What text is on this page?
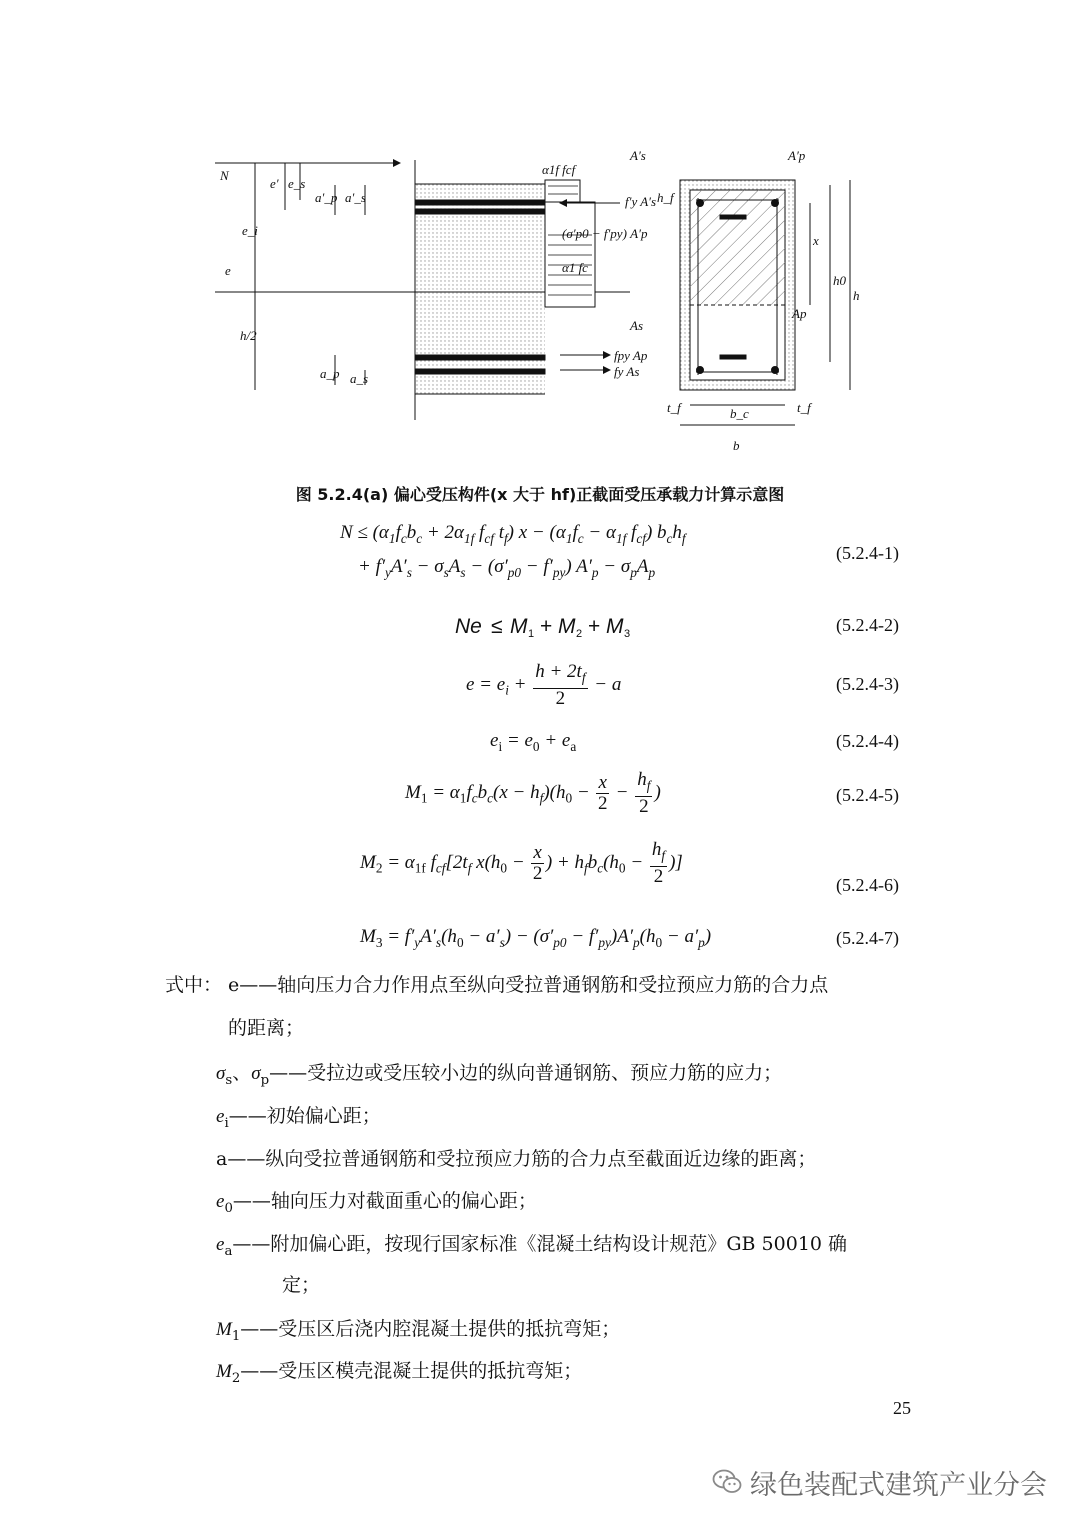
N
e′ e_s
e_i
e
h/2
a′_p a′_s
a_p a_s
α1f fcf
f′y A′s
(σ′p0 − f′py) A′p
α1 fc
fpy Ap
fy As
A′s	A′p
h_f
x
h0
h
As
Ap
t_f	b_c	t_f
b
图 5.2.4(a) 偏心受压构件(x 大于 hf)正截面受压承载力计算示意图
$N \le (\alpha_1f_cb_c + 2\alpha_{1f}$ $f_{cf}$ $t_f$) $x - (\alpha_1f_c - \alpha_{1f}$ $f_{cf}$) $b_ch_f$
+ $f'_yA'_s - \sigma_sA_s - (\sigma'_{p0} - f'_{py}) A'_p - \sigma_pA_p$
(5.2.4-1)
Ne ≤ M 1 + M 2 + M 3	(5.2.4-2)
$e = e_i + \frac{h + 2t_f}{2} - a$	(5.2.4-3)
$e_i = e_0 + e_a$	(5.2.4-4)
$M_1 = \alpha_1f_cb_c(x - h_f)(h_0 - \frac{x}{2} - \frac{h_f}{2}$ )	(5.2.4-5)
$M_2 = \alpha_{1f}$ $f_{cf}[2t_f$ $x(h_0 - \frac{x}{2}$ ) + $h_fb_c(h_0 - \frac{h_f}{2}$ )]
(5.2.4-6)
$M_3 = f'_yA'_s(h_0 - a'_s) - (\sigma'_{p0} - f'_{py})A'_p(h_0 - a'_p)$	(5.2.4-7)
式中： e——轴向压力合力作用点至纵向受拉普通钢筋和受拉预应力筋的合力点
的距离；
$\sigma_s$、$\sigma_p——$受拉边或受压较小边的纵向普通钢筋、预应力筋的应力；
$e_i——$初始偏心距；
a——纵向受拉普通钢筋和受拉预应力筋的合力点至截面近边缘的距离；
$e_0——$轴向压力对截面重心的偏心距；
$e_a——$附加偏心距，按现行国家标准《混凝土结构设计规范》GB 50010 确
定；
$M_1——$受压区后浇内腔混凝土提供的抵抗弯矩；
$M_2——$受压区模壳混凝土提供的抵抗弯矩；
25
绿色装配式建筑产业分会
